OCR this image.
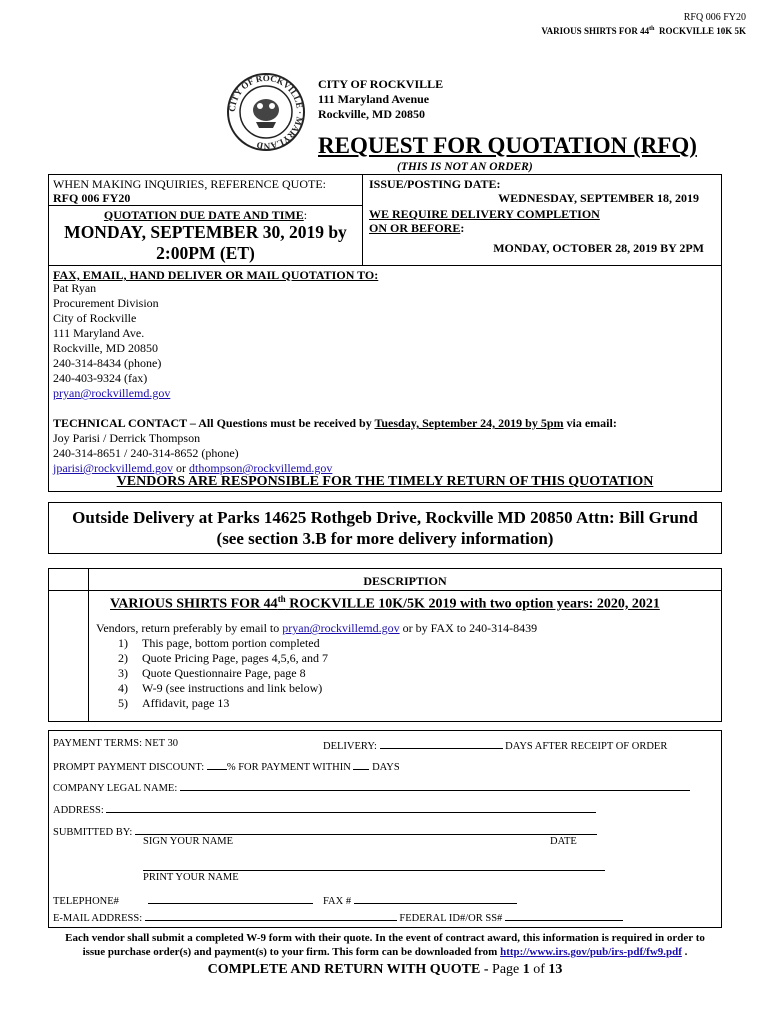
RFQ 006 FY20
VARIOUS SHIRTS FOR 44th ROCKVILLE 10K 5K
CITY OF ROCKVILLE · MARYLAND
CITY OF ROCKVILLE
111 Maryland Avenue
Rockville, MD 20850
REQUEST FOR QUOTATION (RFQ)
(THIS IS NOT AN ORDER)
WHEN MAKING INQUIRIES, REFERENCE QUOTE:
RFQ 006 FY20
QUOTATION DUE DATE AND TIME:
MONDAY, SEPTEMBER 30, 2019 by
2:00PM (ET)
ISSUE/POSTING DATE:
WEDNESDAY, SEPTEMBER 18, 2019
WE REQUIRE DELIVERY COMPLETION
ON OR BEFORE:
MONDAY, OCTOBER 28, 2019 BY 2PM
FAX, EMAIL, HAND DELIVER OR MAIL QUOTATION TO:
Pat Ryan
Procurement Division
City of Rockville
111 Maryland Ave.
Rockville, MD 20850
240-314-8434 (phone)
240-403-9324 (fax)
pryan@rockvillemd.gov
TECHNICAL CONTACT – All Questions must be received by Tuesday, September 24, 2019 by 5pm via email:
Joy Parisi / Derrick Thompson
240-314-8651 / 240-314-8652 (phone)
jparisi@rockvillemd.gov or dthompson@rockvillemd.gov
VENDORS ARE RESPONSIBLE FOR THE TIMELY RETURN OF THIS QUOTATION
Outside Delivery at Parks 14625 Rothgeb Drive, Rockville MD 20850 Attn: Bill Grund
(see section 3.B for more delivery information)
DESCRIPTION
VARIOUS SHIRTS FOR 44th ROCKVILLE 10K/5K 2019 with two option years: 2020, 2021
Vendors, return preferably by email to pryan@rockvillemd.gov or by FAX to 240-314-8439
1) This page, bottom portion completed
2) Quote Pricing Page, pages 4,5,6, and 7
3) Quote Questionnaire Page, page 8
4) W-9 (see instructions and link below)
5) Affidavit, page 13
PAYMENT TERMS: NET 30	DELIVERY:	DAYS AFTER RECEIPT OF ORDER
PROMPT PAYMENT DISCOUNT: % FOR PAYMENT WITHIN DAYS
COMPANY LEGAL NAME:
ADDRESS:
SUBMITTED BY:
SIGN YOUR NAME	DATE
PRINT YOUR NAME
TELEPHONE#	FAX #
E-MAIL ADDRESS:	FEDERAL ID#/OR SS#
Each vendor shall submit a completed W-9 form with their quote. In the event of contract award, this information is required in order to
issue purchase order(s) and payment(s) to your firm. This form can be downloaded from http://www.irs.gov/pub/irs-pdf/fw9.pdf .
COMPLETE AND RETURN WITH QUOTE - Page 1 of 13
